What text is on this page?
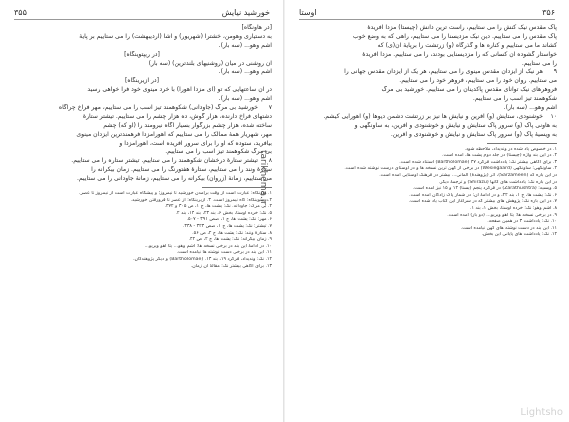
خورشید نیایش
۳۵۵
[در هاونگاه]
به دستیاری وهومن، خشترا (شهریور) و اشا (اردیبهشت) را می ستاییم بر پایهٔ
اشم وهو... (سه بار).
[در ریپتوینگاه]
آن روشنی در میان (روشنیهای بلندترین) (سه بار)
اشم وهو... (سه بار).
[در ازیرینگاه]
در آن ساعتهایی که تو (ای مزدا اهورا) با خرد مینوی خود فرا خواهی رسید
اشم وهو... (سه بار).
۷
خورشید بی مرگ (جاودانی) شکوهمند تیز اسب را می ستاییم، مهر فراخ چراگاه
دشتهای فراخ دارنده، هزار گوش، ده هزار چشم را می ستاییم. تیشتر ستارهٔ
ساخته شده، هزار چشم بزرگوار بسیار آگاه نیرومند را (او که) چشم
مهر، شهریار همهٔ ممالک را می ستاییم که اهورامزدا فرهمندترین ایزدان مینوی
بیافرید، ستوده که او را برای سرور آفریده است، اهورامزدا و
بی مرگ شکوهمند تیز اسب را می ستاییم.
۸
تیشتر ستارهٔ درخشان شکوهمند را می ستاییم. تیشتر ستاره را می ستاییم.
ستارهٔ ونند را می ستاییم، ستارهٔ هفتورنگ را می ستاییم. زمان بیکرانه را
می ستاییم، زمانهٔ (زروان) بیکرانه را می ستاییم، زمانهٔ جاودانی را می ستاییم.
۱. هاونگاه: عبارت است از وقت برآمدن خورشید تا نیمروز؛ و پیشگاه عبارت است از نیمروز تا عصر.
۲. ریپتوینگاه: گاه نیمروز است. ۳. ازیرینگاه: از عصر تا فرورفتن خورشید.
۴. بی مرگ: جاودانه. نک: یشت ها، ج ۱، ص ۳۰۵ و ۳۷۲.
۵. نک: خرده اوستا، بخش ۶، بند ۲۳، بند ۱۴، بند ۲.
۶. مهر: نک: یشت ها، ج ۱، صص ۳۹۱ - ۵۰۷.
۷. تیشتر: نک: یشت ها، ج ۱، صص ۳۲۳ - ۳۳۸.
۸. ستارهٔ ونند: نک: یشت ها، ج ۲، ص ۵۶.
۹. زمان بیکرانه: نک: یشت ها، ج ۲، ص ۴۴.
۱۰. در ادامهٔ این بند در برخی نسخه ها: اشم وهو... یثا اهو ویریو...
۱۱. این بند در برخی دست نوشته ها نیامده است.
۱۲. نک: وندیداد، فرگرد ۱۹، بند ۱۳. (Bartholomae) و دیگر پژوهندگان.
۱۳. برای آگاهی بیشتر نک: مقالهٔ آن زمان.
۳۵۶
اوستا
پاک مقدس نیک کنش را می ستاییم، راست ترین دانش (چیستا) مزدا آفریدهٔ
پاک مقدس را می ستاییم. دین نیک مزدیسنا را می ستاییم، راهی که به وضع خوب
کشاند ما می ستاییم و کناره ها و گذرگاه (و) زرتشت را برپایهٔ آن(ی) که
خواستار گشوده آن کسانی که را مزدیسنایی بودند، را می ستاییم. مزدا آفریدهٔ
را می ستاییم.
۹
هر نیک از ایزدان مقدس مینوی را می ستاییم، هر یک از ایزدان مقدس جهانی را
می ستاییم. روان خود را می ستاییم، فروهر خود را می ستاییم.
فروهرهای نیک توانای مقدس پاکدینان را می ستاییم. خورشید بی مرگ
شکوهمند تیز اسب را می ستاییم.
اشم وهو... (سه بار).
۱۰
خوشنودی، ستایش (و) آفرین و نیایش ها نیز بر زرتشت دشمن دیوها (و) اهورایی کیشم.
به هاونی پاک (و) سرور پاک ستایش و نیایش و خوشنودی و آفرین، به ساونگهی و
به ویسیهٔ پاک (و) سرور پاک ستایش و نیایش و خوشنودی و آفرین.
۱. در خصوص یاد شده در وندیداد، ملاحظه شود.
۲. در این بند واژه (چیستا) در جلد دوم پشت ها، آمده است.
۳. برای آگاهی بیشتر نک: یادداشت فرگرد ۴۷ (Bartholomae) استناد شده است.
۴. ساونگهی: ساونگهی (Wesiegaard) در برخی از کهن ترین نسخه ها و در اوستای درست نوشته شده است.
در این باره که (Sarzameen)، اثر (پژوهندهٔ) آلمانی... بیشتر در فرهنگ اوستایی آمده است.
در این باره نک: یادداشت های گاتها (Shirazu) و ترجمهٔ دیگر.
۵. ویسیه: (Zarathushtra) در فرگرد پنجم (یسنا) ۱۴ و ۱۵ نیز آمده است.
۶. نک: یشت ها، ج ۱، بند ۲۲، و در ادامهٔ آن: در شمار پاک زادگان آمده است.
۷. در این باره نک: پژوهش های بیشتر که در سرآغاز این کتاب یاد شده است.
۸. اشم وهو: نک: خرده اوستا، بخش ۱، بند ۱.
۹. در برخی نسخه ها: یثا اهو ویریو... (دو بار) آمده است.
۱۰. نک: یادداشت ۳ در همین صفحه.
۱۱. این بند در دست نوشته های کهن نیامده است.
۱۲. نک: یادداشت های پایانی این بخش.
Lightsho
tarikhema.ir
